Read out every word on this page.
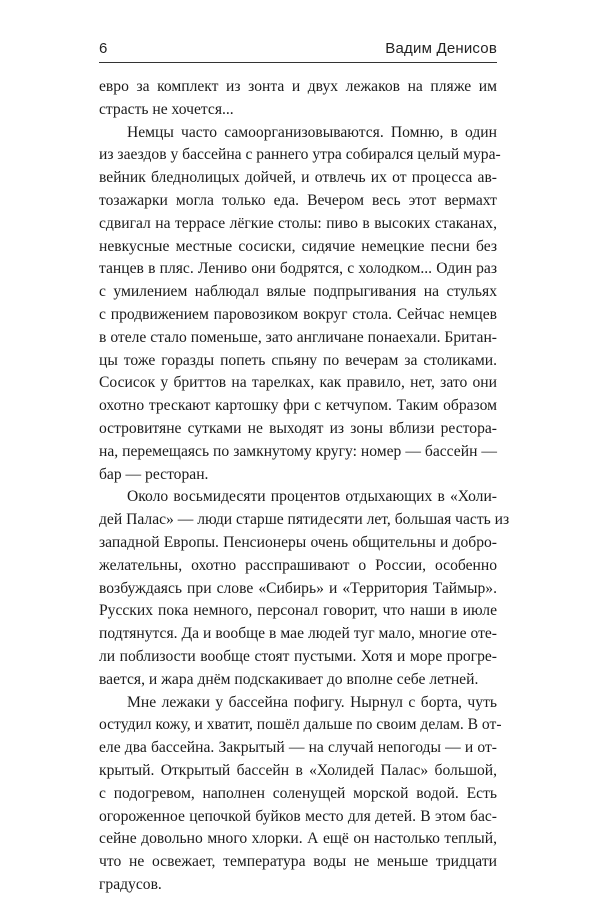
6	Вадим Денисов
евро за комплект из зонта и двух лежаков на пляже им
страсть не хочется...
Немцы часто самоорганизовываются. Помню, в один
из заездов у бассейна с раннего утра собирался целый мура-
вейник бледнолицых дойчей, и отвлечь их от процесса ав-
тозажарки могла только еда. Вечером весь этот вермахт
сдвигал на террасе лёгкие столы: пиво в высоких стаканах,
невкусные местные сосиски, сидячие немецкие песни без
танцев в пляс. Лениво они бодрятся, с холодком... Один раз
с умилением наблюдал вялые подпрыгивания на стульях
с продвижением паровозиком вокруг стола. Сейчас немцев
в отеле стало поменьше, зато англичане понаехали. Британ-
цы тоже горазды попеть спьяну по вечерам за столиками.
Сосисок у бриттов на тарелках, как правило, нет, зато они
охотно трескают картошку фри с кетчупом. Таким образом
островитяне сутками не выходят из зоны вблизи рестора-
на, перемещаясь по замкнутому кругу: номер — бассейн —
бар — ресторан.
Около восьмидесяти процентов отдыхающих в «Холи-
дей Палас» — люди старше пятидесяти лет, большая часть из
западной Европы. Пенсионеры очень общительны и добро-
желательны, охотно расспрашивают о России, особенно
возбуждаясь при слове «Сибирь» и «Территория Таймыр».
Русских пока немного, персонал говорит, что наши в июле
подтянутся. Да и вообще в мае людей туг мало, многие оте-
ли поблизости вообще стоят пустыми. Хотя и море прогре-
вается, и жара днём подскакивает до вполне себе летней.
Мне лежаки у бассейна пофигу. Нырнул с борта, чуть
остудил кожу, и хватит, пошёл дальше по своим делам. В от-
еле два бассейна. Закрытый — на случай непогоды — и от-
крытый. Открытый бассейн в «Холидей Палас» большой,
с подогревом, наполнен соленущей морской водой. Есть
огороженное цепочкой буйков место для детей. В этом бас-
сейне довольно много хлорки. А ещё он настолько теплый,
что не освежает, температура воды не меньше тридцати
градусов.
